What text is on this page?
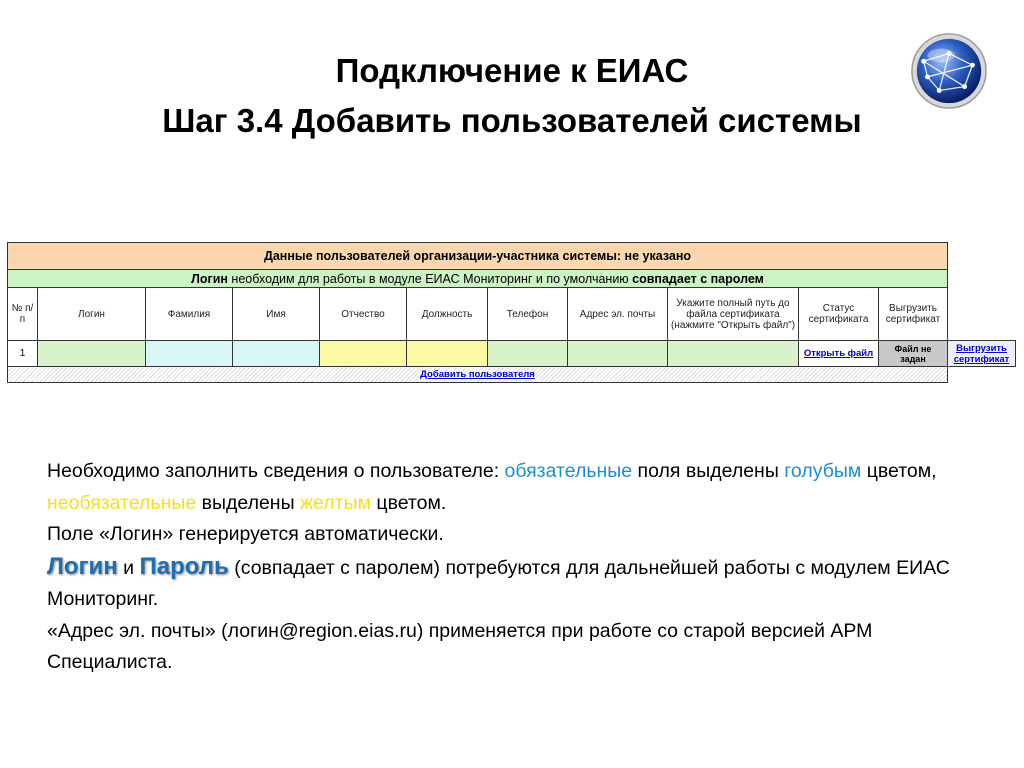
Подключение к ЕИАС
Шаг 3.4 Добавить пользователей системы
Данные пользователей организации-участника системы: не указано											
Логин необходим для работы в модуле ЕИАС Мониторинг и по умолчанию совпадает с паролем											
№ п/п	Логин	Фамилия	Имя	Отчество	Должность	Телефон	Адрес эл. почты	Укажите полный путь до файла сертификата (нажмите "Открыть файл")	Статус сертификата	Выгрузить сертификат	
1									Открыть файл	Файл не задан	Выгрузить сертификат
Добавить пользователя											

Необходимо заполнить сведения о пользователе: обязательные поля выделены голубым цветом, необязательные выделены желтым цветом.

Поле «Логин» генерируется автоматически.

Логин и Пароль (совпадает с паролем) потребуются для дальнейшей работы с модулем ЕИАС Мониторинг.

«Адрес эл. почты» (логин@region.eias.ru) применяется при работе со старой версией АРМ Специалиста.
